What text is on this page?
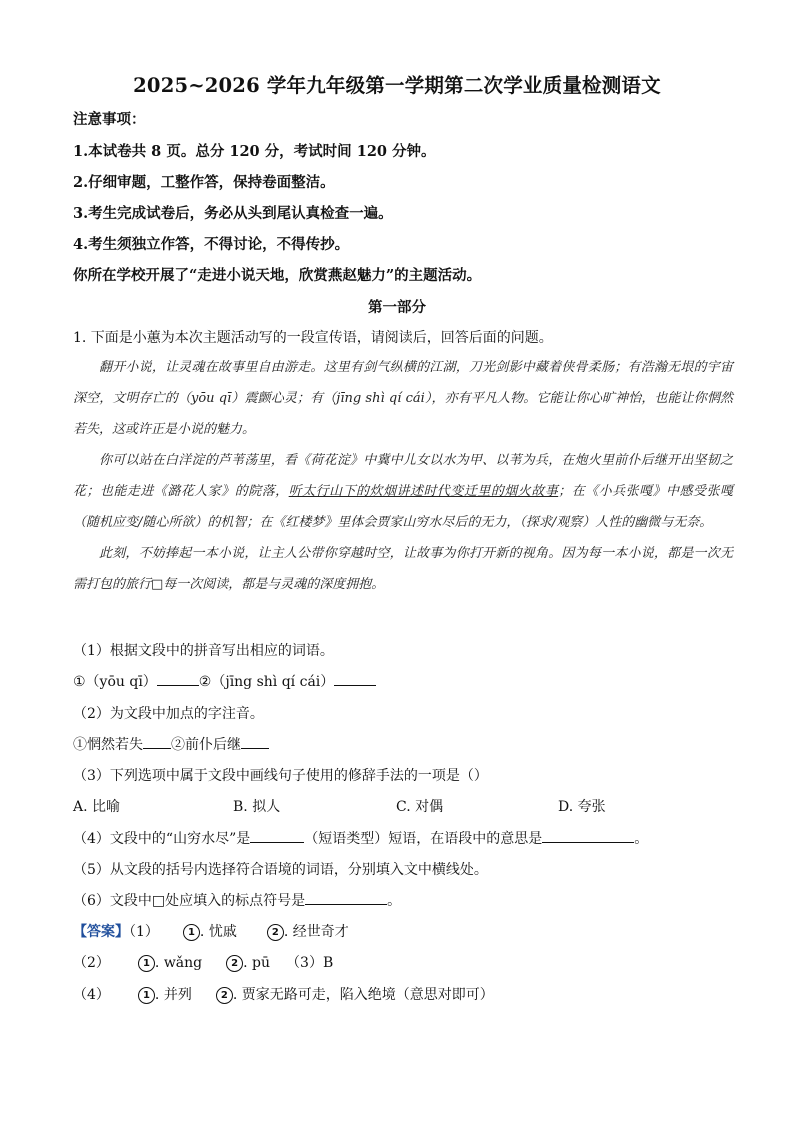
2025~2026 学年九年级第一学期第二次学业质量检测语文
注意事项：
1.本试卷共 8 页。总分 120 分，考试时间 120 分钟。
2.仔细审题，工整作答，保持卷面整洁。
3.考生完成试卷后，务必从头到尾认真检查一遍。
4.考生须独立作答，不得讨论，不得传抄。
你所在学校开展了“走进小说天地，欣赏燕赵魅力”的主题活动。
第一部分
1. 下面是小蕙为本次主题活动写的一段宣传语，请阅读后，回答后面的问题。

翻开小说，让灵魂在故事里自由游走。这里有剑气纵横的江湖，刀光剑影中藏着侠骨柔肠；有浩瀚无垠的宇宙深空，文明存亡的（yōu qī）震颤心灵；有（jīng shì qí cái），亦有平凡人物。它能让你心旷神怡，也能让你惘然若失，这或许正是小说的魅力。

你可以站在白洋淀的芦苇荡里，看《荷花淀》中冀中儿女以水为甲、以苇为兵，在炮火里前仆后继开出坚韧之花；也能走进《潞花人家》的院落，听太行山下的炊烟讲述时代变迁里的烟火故事；在《小兵张嘎》中感受张嘎（随机应变/随心所欲）的机智；在《红楼梦》里体会贾家山穷水尽后的无力，（探求/观察）人性的幽微与无奈。

此刻，不妨捧起一本小说，让主人公带你穿越时空，让故事为你打开新的视角。因为每一本小说，都是一次无需打包的旅行□每一次阅读，都是与灵魂的深度拥抱。

（1）根据文段中的拼音写出相应的词语。
①（yōu qī）	②（jīng shì qí cái）
（2）为文段中加点的字注音。
①惘然若失 ②前仆后继
（3）下列选项中属于文段中画线句子使用的修辞手法的一项是（）
A. 比喻	B. 拟人	C. 对偶	D. 夸张
（4）文段中的“山穷水尽”是	（短语类型）短语，在语段中的意思是	。
（5）从文段的括号内选择符合语境的词语，分别填入文中横线处。
（6）文段中□处应填入的标点符号是	。
【答案】（1）	1 . 忧戚	2 . 经世奇才
（2）	1 . wǎng	2 . pū （3）B
（4）	1 . 并列	2 . 贾家无路可走，陷入绝境（意思对即可）
